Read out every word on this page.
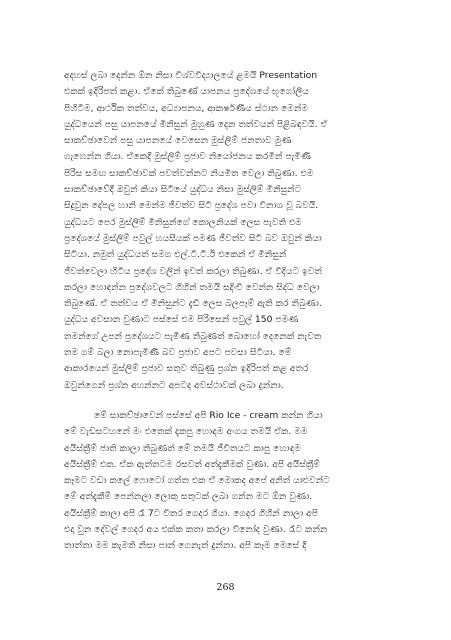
අදහස් ලබා දෙන්න ඕන නිසා විශ්වවිද්‍යාලයේ ළමයි Presentation

එකක් ඉදිරිපත් කළා. ඒකේ තිබුණේ යාපනය ප්‍රදේශයේ භූගෝලීය

පිහිටීම, ආර්ථික තත්වය, අධ්‍යාපනය, ආකර්ෂණීය ස්ථාන මෙන්ම

යුද්ධයෙන් පසු යාපනයේ මිනිසුන් මුහුණ දෙන තත්වයන් පිළිබඳවයි. ඒ

සාකච්ඡාවෙන් පසු යාපනයේ වෙසෙන මුස්ලිම් ජනතාව මුණ

ගැහෙන්න ගියා. ඒකෙදී මුස්ලිම් ප්‍රජාව නියෝජනය කරමින් පැමිණි

පිරිස සමඟ සාකච්ඡාවක් පවත්වන්නට නියමිත වෙලා තිබුණා. එම

සාකච්ඡාවේදී ඔවුන් කියා සිටියේ යුද්ධය නිසා මුස්ලිම් මිනිසුන්ට

සිදුවුන දේපල හානි මෙන්ම ජීවත්ව සිටි ප්‍රදේශ පවා විනාශ වූ බවයි.

යුද්ධයට පෙර මුස්ලිම් මිනිසුන්ගේ කොලනියක් ලෙස පැවති එම

ප්‍රදේශයේ මුස්ලිම් පවුල් හයසීයක් පමණ ජීවත්ව සිටි බව ඔවුන් කියා

සිටියා. නමුත් යුද්ධයත් සමග එල්.ටී.ටී.ඊ එකෙන් ඒ මිනිසුන්

ජීවත්වෙලා හිටිය ප්‍රදේශ වලින් ඉවත් කරලා තිබුණා. ඒ විදියට ඉවත්

කරලා හොඳන්න ප්‍රදේශවලට ගිහින් තමයි සදිංචි වෙන්න සිද්ධ වෙලා

තිබුණේ. ඒ තත්වය ඒ මිනිසුන්ට දැඩි ලෙස බලපෑම් ඇති කර තිබුණා.

යුද්ධය අවසාන වුණාට පස්සේ එම පිරිසෙන් පවුල් 150 පමණ

තමන්ගේ උපන් ප්‍රදේශයට පැමිණ තිබුණත් බොහෝ දෙනෙක් නැවත

තම ගම් බලා නොපැමිණි බව ප්‍රජාව අපට පවසා සිටියා. මේ

ආකාරයෙන් මුස්ලිම් ප්‍රජාව සතුව තිබුණු ප්‍රශ්න ඉදිරිපත් කළ අතර

ඔවුන්ගෙන් ප්‍රශ්න අහන්නට අපටද අවස්ථාවක් ලබා දුන්නා.

මේ සාකච්ඡාවෙන් පස්සේ අපි Rio Ice - cream කන්න ගියා

මේ වැඩසටහනේ මං එතෙක් දැකපු හොඳම අංගය තමයි ඒක. මම

අයිස්ක්‍රීම් ජාති කාලා තිබුණත් මේ තමයි ජීවිතයට කාපු හොඳම

අයිස්ක්‍රීම් එක. ඒක ඇත්තටම රසවත් අත්දැකීමක් වුණා. අපි අයිස්ක්‍රීම්

කෑමට වඩා කලේ ෆොටෝ ගත්ත එක ඒ මොකද අපේ අනිත් යාළුවන්ට

මේ අත්දැකීම් පෙන්නලා ලොකු සතුටක් ලබා ගන්න මට ඕන වුණා.

අයිස්ක්‍රීම් කාලා අපි රෑ 7ට විතර ගෙදර ගියා. ගෙදර ගිහින් නාලා අපි

එදා වුන දේවල් ගෙදර අය එක්ක කතා කරලා විනෝද වුණා. රෑට කන්න

තාත්තා මම කැමති නිසා පාන් ගෙනැත් දුන්නා. අපි කෑම මෙසේ දී

268
